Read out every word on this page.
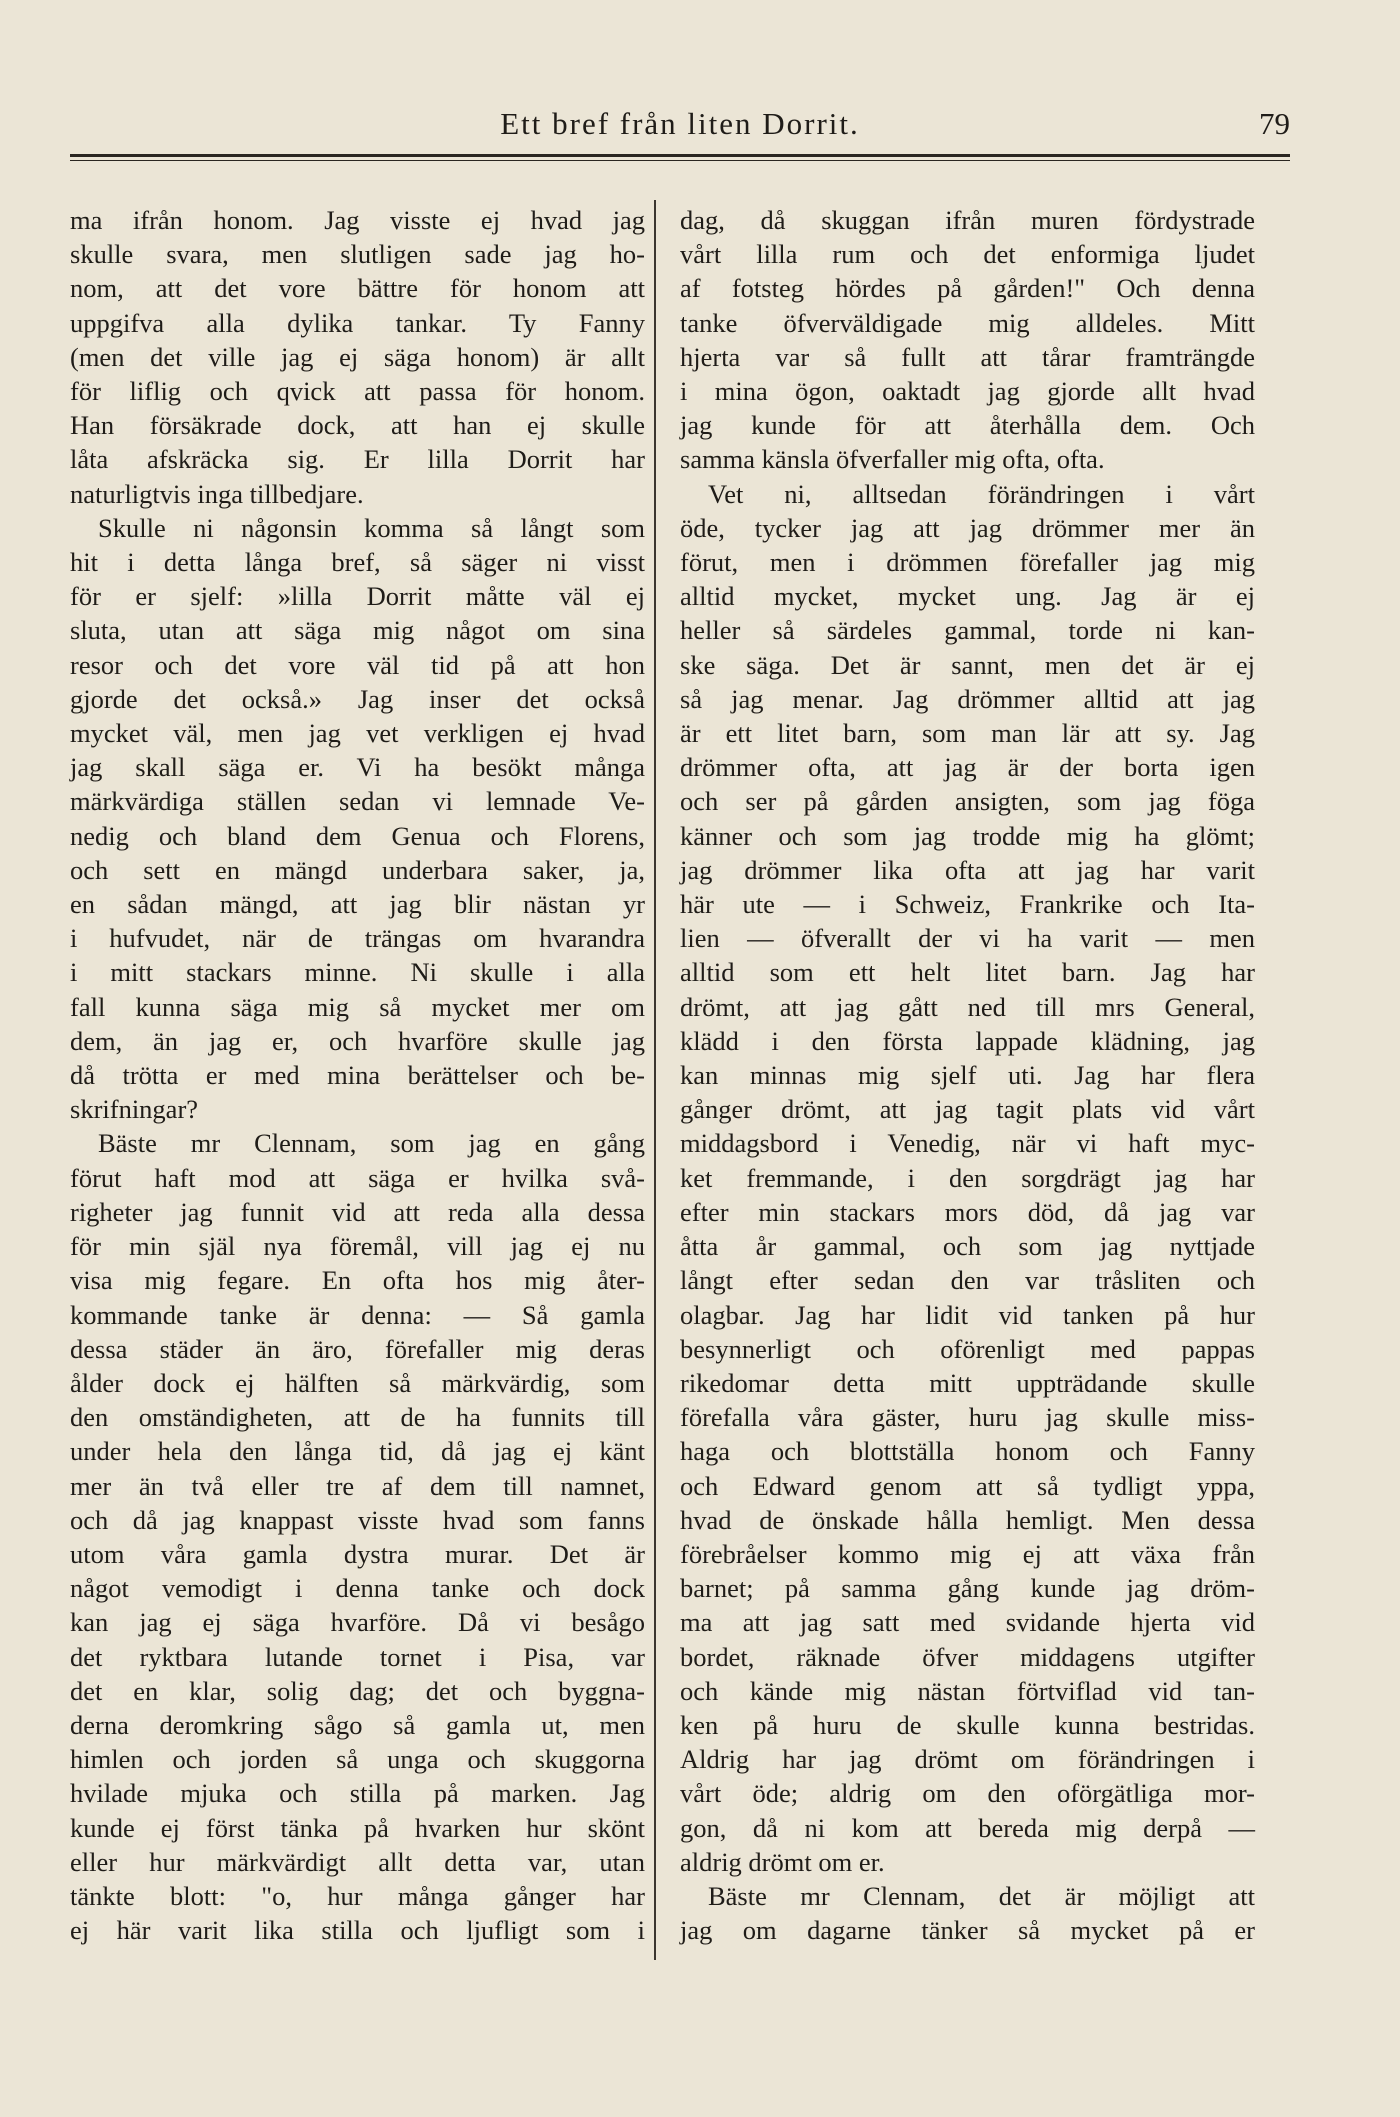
Ett bref från liten Dorrit.	79
ma ifrån honom. Jag visste ej hvad jag
skulle svara, men slutligen sade jag ho-
nom, att det vore bättre för honom att
uppgifva alla dylika tankar. Ty Fanny
(men det ville jag ej säga honom) är allt
för liflig och qvick att passa för honom.
Han försäkrade dock, att han ej skulle
låta afskräcka sig. Er lilla Dorrit har
naturligtvis inga tillbedjare.
Skulle ni någonsin komma så långt som
hit i detta långa bref, så säger ni visst
för er sjelf: »lilla Dorrit måtte väl ej
sluta, utan att säga mig något om sina
resor och det vore väl tid på att hon
gjorde det också.» Jag inser det också
mycket väl, men jag vet verkligen ej hvad
jag skall säga er. Vi ha besökt många
märkvärdiga ställen sedan vi lemnade Ve-
nedig och bland dem Genua och Florens,
och sett en mängd underbara saker, ja,
en sådan mängd, att jag blir nästan yr
i hufvudet, när de trängas om hvarandra
i mitt stackars minne. Ni skulle i alla
fall kunna säga mig så mycket mer om
dem, än jag er, och hvarföre skulle jag
då trötta er med mina berättelser och be-
skrifningar?
Bäste mr Clennam, som jag en gång
förut haft mod att säga er hvilka svå-
righeter jag funnit vid att reda alla dessa
för min själ nya föremål, vill jag ej nu
visa mig fegare. En ofta hos mig åter-
kommande tanke är denna: — Så gamla
dessa städer än äro, förefaller mig deras
ålder dock ej hälften så märkvärdig, som
den omständigheten, att de ha funnits till
under hela den långa tid, då jag ej känt
mer än två eller tre af dem till namnet,
och då jag knappast visste hvad som fanns
utom våra gamla dystra murar. Det är
något vemodigt i denna tanke och dock
kan jag ej säga hvarföre. Då vi besågo
det ryktbara lutande tornet i Pisa, var
det en klar, solig dag; det och byggna-
derna deromkring sågo så gamla ut, men
himlen och jorden så unga och skuggorna
hvilade mjuka och stilla på marken. Jag
kunde ej först tänka på hvarken hur skönt
eller hur märkvärdigt allt detta var, utan
tänkte blott: "o, hur många gånger har
ej här varit lika stilla och ljufligt som i
dag, då skuggan ifrån muren fördystrade
vårt lilla rum och det enformiga ljudet
af fotsteg hördes på gården!" Och denna
tanke öfverväldigade mig alldeles. Mitt
hjerta var så fullt att tårar framträngde
i mina ögon, oaktadt jag gjorde allt hvad
jag kunde för att återhålla dem. Och
samma känsla öfverfaller mig ofta, ofta.
Vet ni, alltsedan förändringen i vårt
öde, tycker jag att jag drömmer mer än
förut, men i drömmen förefaller jag mig
alltid mycket, mycket ung. Jag är ej
heller så särdeles gammal, torde ni kan-
ske säga. Det är sannt, men det är ej
så jag menar. Jag drömmer alltid att jag
är ett litet barn, som man lär att sy. Jag
drömmer ofta, att jag är der borta igen
och ser på gården ansigten, som jag föga
känner och som jag trodde mig ha glömt;
jag drömmer lika ofta att jag har varit
här ute — i Schweiz, Frankrike och Ita-
lien — öfverallt der vi ha varit — men
alltid som ett helt litet barn. Jag har
drömt, att jag gått ned till mrs General,
klädd i den första lappade klädning, jag
kan minnas mig sjelf uti. Jag har flera
gånger drömt, att jag tagit plats vid vårt
middagsbord i Venedig, när vi haft myc-
ket fremmande, i den sorgdrägt jag har
efter min stackars mors död, då jag var
åtta år gammal, och som jag nyttjade
långt efter sedan den var tråsliten och
olagbar. Jag har lidit vid tanken på hur
besynnerligt och oförenligt med pappas
rikedomar detta mitt uppträdande skulle
förefalla våra gäster, huru jag skulle miss-
haga och blottställa honom och Fanny
och Edward genom att så tydligt yppa,
hvad de önskade hålla hemligt. Men dessa
förebråelser kommo mig ej att växa från
barnet; på samma gång kunde jag dröm-
ma att jag satt med svidande hjerta vid
bordet, räknade öfver middagens utgifter
och kände mig nästan förtviflad vid tan-
ken på huru de skulle kunna bestridas.
Aldrig har jag drömt om förändringen i
vårt öde; aldrig om den oförgätliga mor-
gon, då ni kom att bereda mig derpå —
aldrig drömt om er.
Bäste mr Clennam, det är möjligt att
jag om dagarne tänker så mycket på er
